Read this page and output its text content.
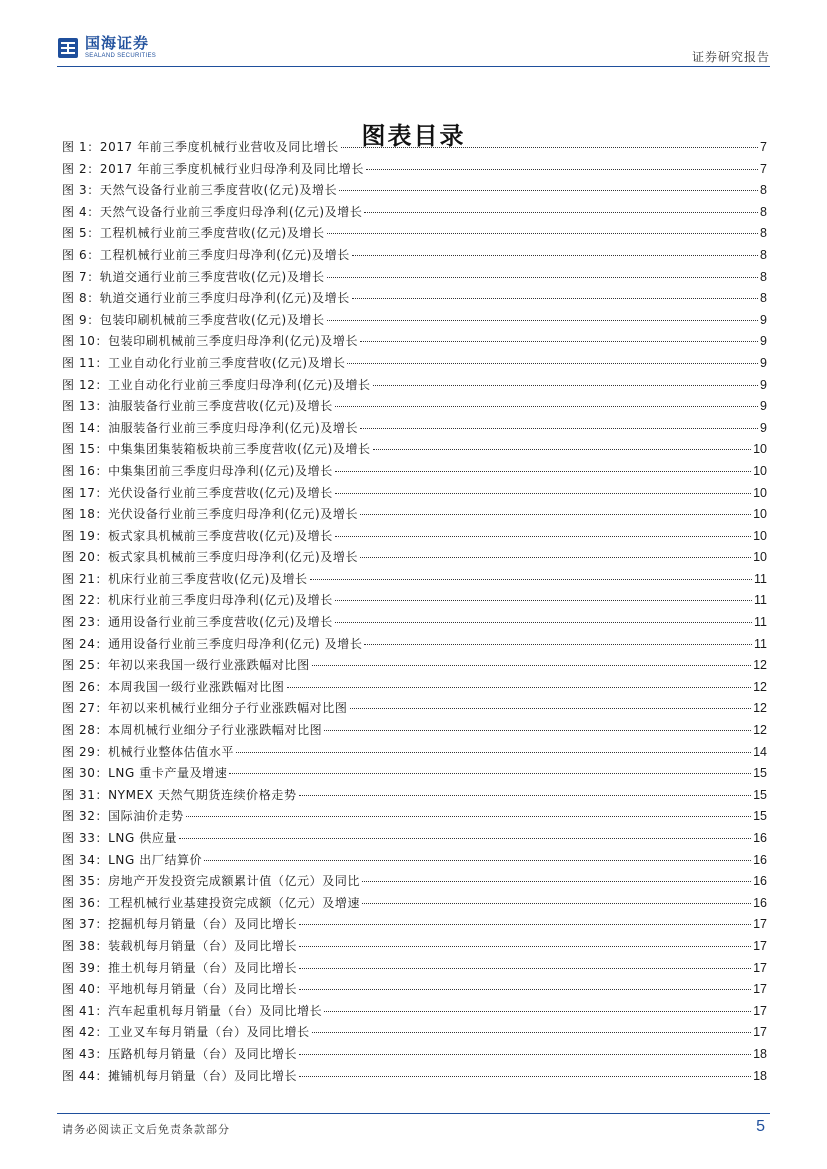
国海证券
SEALAND SECURITIES	证券研究报告
图表目录
图 1：2017 年前三季度机械行业营收及同比增长	7
图 2：2017 年前三季度机械行业归母净利及同比增长	7
图 3：天然气设备行业前三季度营收(亿元)及增长	8
图 4：天然气设备行业前三季度归母净利(亿元)及增长	8
图 5：工程机械行业前三季度营收(亿元)及增长	8
图 6：工程机械行业前三季度归母净利(亿元)及增长	8
图 7：轨道交通行业前三季度营收(亿元)及增长	8
图 8：轨道交通行业前三季度归母净利(亿元)及增长	8
图 9：包装印刷机械前三季度营收(亿元)及增长	9
图 10：包装印刷机械前三季度归母净利(亿元)及增长	9
图 11：工业自动化行业前三季度营收(亿元)及增长	9
图 12：工业自动化行业前三季度归母净利(亿元)及增长	9
图 13：油服装备行业前三季度营收(亿元)及增长	9
图 14：油服装备行业前三季度归母净利(亿元)及增长	9
图 15：中集集团集装箱板块前三季度营收(亿元)及增长	10
图 16：中集集团前三季度归母净利(亿元)及增长	10
图 17：光伏设备行业前三季度营收(亿元)及增长	10
图 18：光伏设备行业前三季度归母净利(亿元)及增长	10
图 19：板式家具机械前三季度营收(亿元)及增长	10
图 20：板式家具机械前三季度归母净利(亿元)及增长	10
图 21：机床行业前三季度营收(亿元)及增长	11
图 22：机床行业前三季度归母净利(亿元)及增长	11
图 23：通用设备行业前三季度营收(亿元)及增长	11
图 24：通用设备行业前三季度归母净利(亿元) 及增长	11
图 25：年初以来我国一级行业涨跌幅对比图	12
图 26：本周我国一级行业涨跌幅对比图	12
图 27：年初以来机械行业细分子行业涨跌幅对比图	12
图 28：本周机械行业细分子行业涨跌幅对比图	12
图 29：机械行业整体估值水平	14
图 30：LNG 重卡产量及增速	15
图 31：NYMEX 天然气期货连续价格走势	15
图 32：国际油价走势	15
图 33：LNG 供应量	16
图 34：LNG 出厂结算价	16
图 35：房地产开发投资完成额累计值（亿元）及同比	16
图 36：工程机械行业基建投资完成额（亿元）及增速	16
图 37：挖掘机每月销量（台）及同比增长	17
图 38：装载机每月销量（台）及同比增长	17
图 39：推土机每月销量（台）及同比增长	17
图 40：平地机每月销量（台）及同比增长	17
图 41：汽车起重机每月销量（台）及同比增长	17
图 42：工业叉车每月销量（台）及同比增长	17
图 43：压路机每月销量（台）及同比增长	18
图 44：摊铺机每月销量（台）及同比增长	18
请务必阅读正文后免责条款部分	5
